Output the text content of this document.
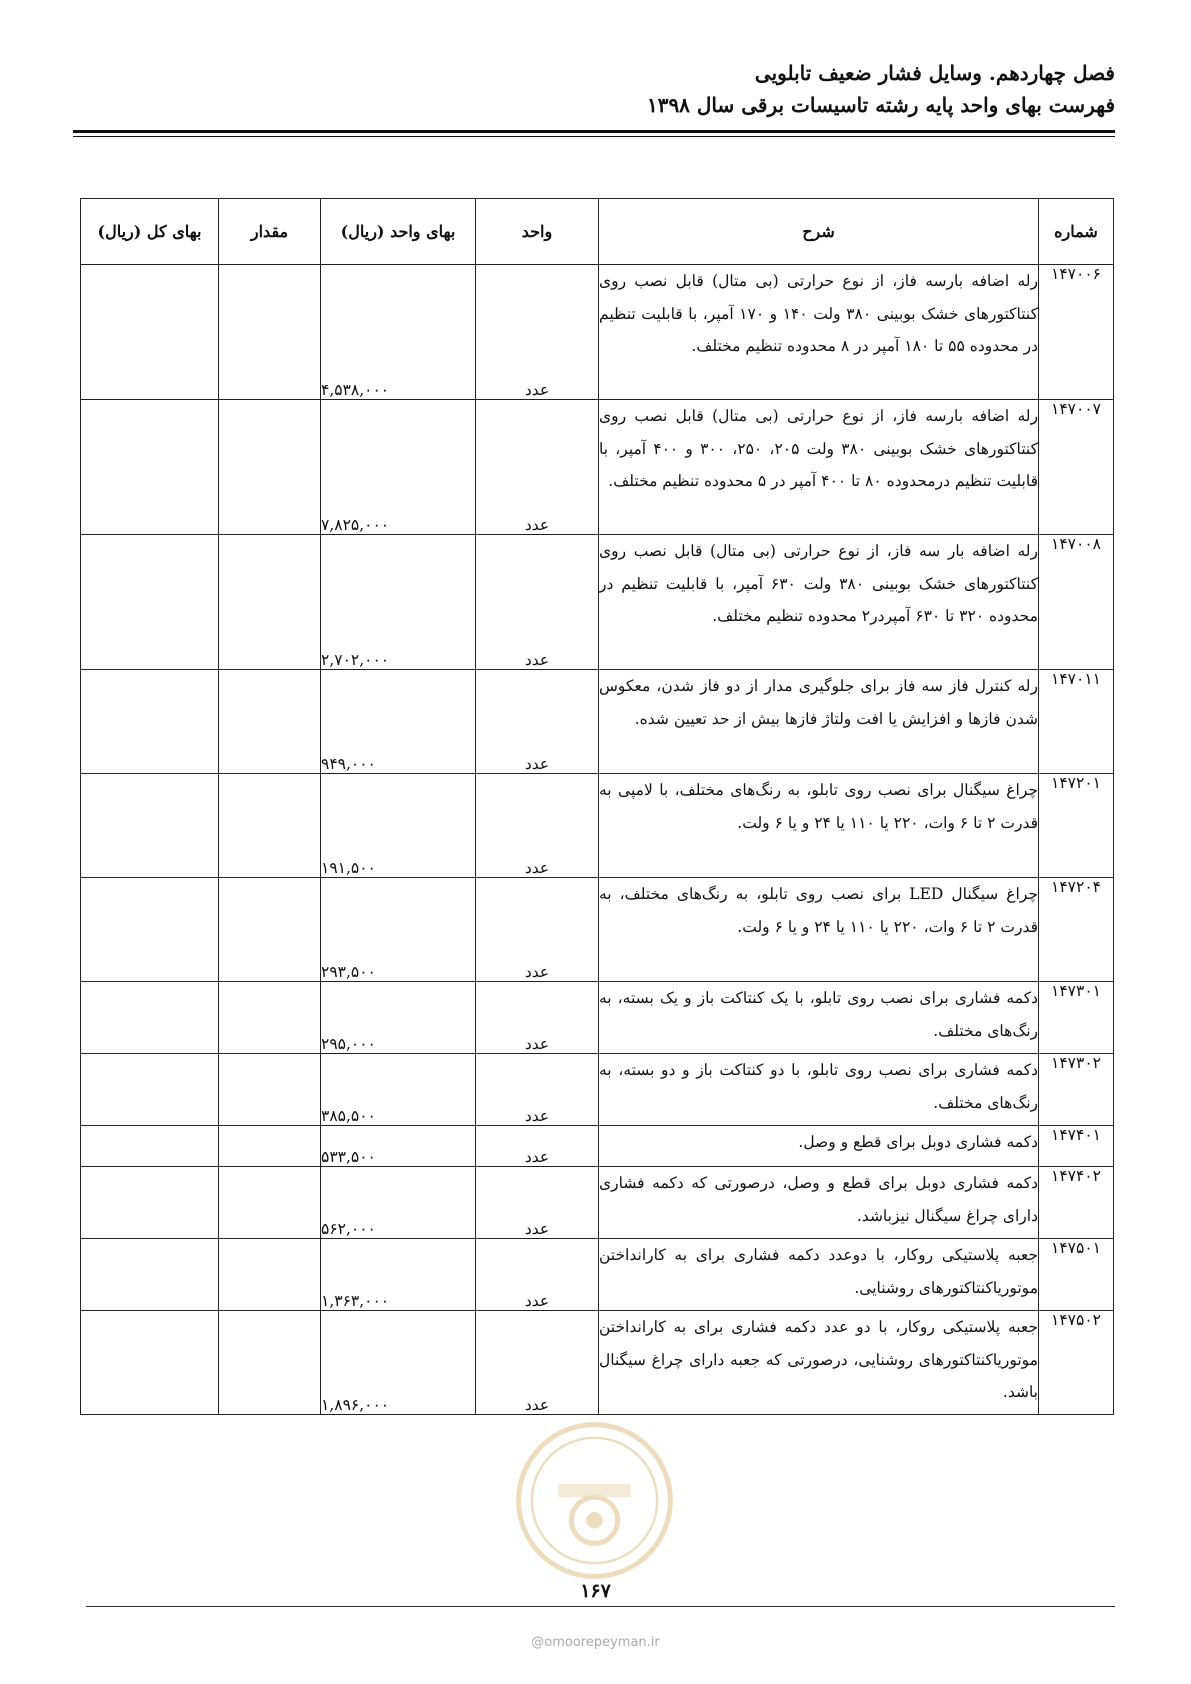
فصل چهاردهم. وسایل فشار ضعیف تابلویی
فهرست بهای واحد پایه رشته تاسیسات برقی سال ۱۳۹۸
شماره	شرح	واحد	بهای واحد (ریال)	مقدار	بهای کل (ریال)
۱۴۷۰۰۶	رله اضافه بارسه فاز، از نوع حرارتی (بی متال) قابل نصب روی کنتاکتورهای خشک بوبینی ۳۸۰ ولت ۱۴۰ و ۱۷۰ آمپر، با قابلیت تنظیم در محدوده ۵۵ تا ۱۸۰ آمپر در ۸ محدوده تنظیم مختلف.	عدد	۴,۵۳۸,۰۰۰		
۱۴۷۰۰۷	رله اضافه بارسه فاز، از نوع حرارتی (بی متال) قابل نصب روی کنتاکتورهای خشک بوبینی ۳۸۰ ولت ۲۰۵، ۲۵۰، ۳۰۰ و ۴۰۰ آمپر، با قابلیت تنظیم درمحدوده ۸۰ تا ۴۰۰ آمپر در ۵ محدوده تنظیم مختلف.	عدد	۷,۸۲۵,۰۰۰		
۱۴۷۰۰۸	رله اضافه بار سه فاز، از نوع حرارتی (بی متال) قابل نصب روی کنتاکتورهای خشک بوبینی ۳۸۰ ولت ۶۳۰ آمپر، با قابلیت تنظیم در محدوده ۳۲۰ تا ۶۳۰ آمپردر۲ محدوده تنظیم مختلف.	عدد	۲,۷۰۲,۰۰۰		
۱۴۷۰۱۱	رله کنترل فاز سه فاز برای جلوگیری مدار از دو فاز شدن، معکوس شدن فازها و افزایش یا افت ولتاژ فازها بیش از حد تعیین شده.	عدد	۹۴۹,۰۰۰		
۱۴۷۲۰۱	چراغ سیگنال برای نصب روی تابلو، به رنگ‌های مختلف، با لامپی به قدرت ۲ تا ۶ وات، ۲۲۰ یا ۱۱۰ یا ۲۴ و یا ۶ ولت.	عدد	۱۹۱,۵۰۰		
۱۴۷۲۰۴	چراغ سیگنال LED برای نصب روی تابلو، به رنگ‌های مختلف، به قدرت ۲ تا ۶ وات، ۲۲۰ یا ۱۱۰ یا ۲۴ و یا ۶ ولت.	عدد	۲۹۳,۵۰۰		
۱۴۷۳۰۱	دکمه فشاری برای نصب روی تابلو، با یک کنتاکت باز و یک بسته، به رنگ‌های مختلف.	عدد	۲۹۵,۰۰۰		
۱۴۷۳۰۲	دکمه فشاری برای نصب روی تابلو، با دو کنتاکت باز و دو بسته، به رنگ‌های مختلف.	عدد	۳۸۵,۵۰۰		
۱۴۷۴۰۱	دکمه فشاری دوبل برای قطع و وصل.	عدد	۵۳۳,۵۰۰		
۱۴۷۴۰۲	دکمه فشاری دوبل برای قطع و وصل، درصورتی که دکمه فشاری دارای چراغ سیگنال نیزباشد.	عدد	۵۶۲,۰۰۰		
۱۴۷۵۰۱	جعبه پلاستیکی روکار، با دوعدد دکمه فشاری برای به کاراندا‌ختن موتوریاکنتاکتورهای روشنایی.	عدد	۱,۳۶۳,۰۰۰		
۱۴۷۵۰۲	جعبه پلاستیکی روکار، با دو عدد دکمه فشاری برای به کاراندا‌ختن موتوریاکنتاکتورهای روشنایی، درصورتی که جعبه دارای چراغ سیگنال باشد.	عدد	۱,۸۹۶,۰۰۰		
۱۶۷
@omoorepeyman.ir
